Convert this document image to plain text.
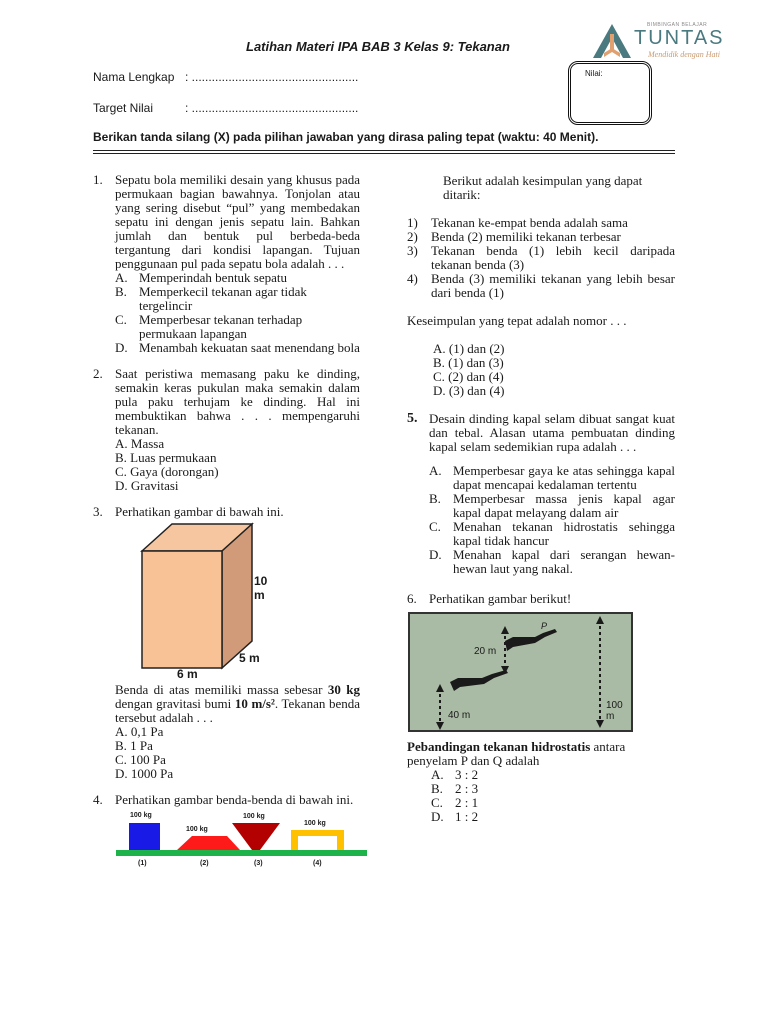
Latihan Materi IPA BAB 3 Kelas 9: Tekanan
BIMBINGAN BELAJAR
TUNTAS
Mendidik dengan Hati
Nama Lengkap : ..................................................
Target Nilai	: ..................................................
Nilai:
Berikan tanda silang (X) pada pilihan jawaban yang dirasa paling tepat (waktu: 40 Menit).
1. Sepatu bola memiliki desain yang khusus pada permukaan bagian bawahnya. Tonjolan atau yang sering disebut “pul” yang membedakan sepatu ini dengan jenis sepatu lain. Bahkan jumlah dan bentuk pul berbeda-beda tergantung dari kondisi lapangan. Tujuan penggunaan pul pada sepatu bola adalah . . .
A. Memperindah bentuk sepatu
B. Memperkecil tekanan agar tidak tergelincir
C. Memperbesar tekanan terhadap permukaan lapangan
D. Menambah kekuatan saat menendang bola
2. Saat peristiwa memasang paku ke dinding, semakin keras pukulan maka semakin dalam pula paku terhujam ke dinding. Hal ini membuktikan bahwa . . . mempengaruhi tekanan.
A. Massa
B. Luas permukaan
C. Gaya (dorongan)
D. Gravitasi
3. Perhatikan gambar di bawah ini.
10 m
5 m
6 m
Benda di atas memiliki massa sebesar 30 kg dengan gravitasi bumi 10 m/s². Tekanan benda tersebut adalah . . .
A. 0,1 Pa
B. 1 Pa
C. 100 Pa
D. 1000 Pa
4. Perhatikan gambar benda-benda di bawah ini.
100 kg
100 kg
100 kg
100 kg
(1)	(2)	(3)	(4)
Berikut adalah kesimpulan yang dapat ditarik:
1)	Tekanan ke-empat benda adalah sama
2)	Benda (2) memiliki tekanan terbesar
3)	Tekanan benda (1) lebih kecil daripada tekanan benda (3)
4)	Benda (3) memiliki tekanan yang lebih besar dari benda (1)
Keseimpulan yang tepat adalah nomor . . .
A. (1) dan (2)
B. (1) dan (3)
C. (2) dan (4)
D. (3) dan (4)
5. Desain dinding kapal selam dibuat sangat kuat dan tebal. Alasan utama pembuatan dinding kapal selam sedemikian rupa adalah . . .
A. Memperbesar gaya ke atas sehingga kapal dapat mencapai kedalaman tertentu
B. Memperbesar massa jenis kapal agar kapal dapat melayang dalam air
C. Menahan tekanan hidrostatis sehingga kapal tidak hancur
D. Menahan kapal dari serangan hewan-hewan laut yang nakal.
6. Perhatikan gambar berikut!
P
20 m
40 m
100 m
Pebandingan tekanan hidrostatis antara penyelam P dan Q adalah
A. 3 : 2
B. 2 : 3
C. 2 : 1
D. 1 : 2
